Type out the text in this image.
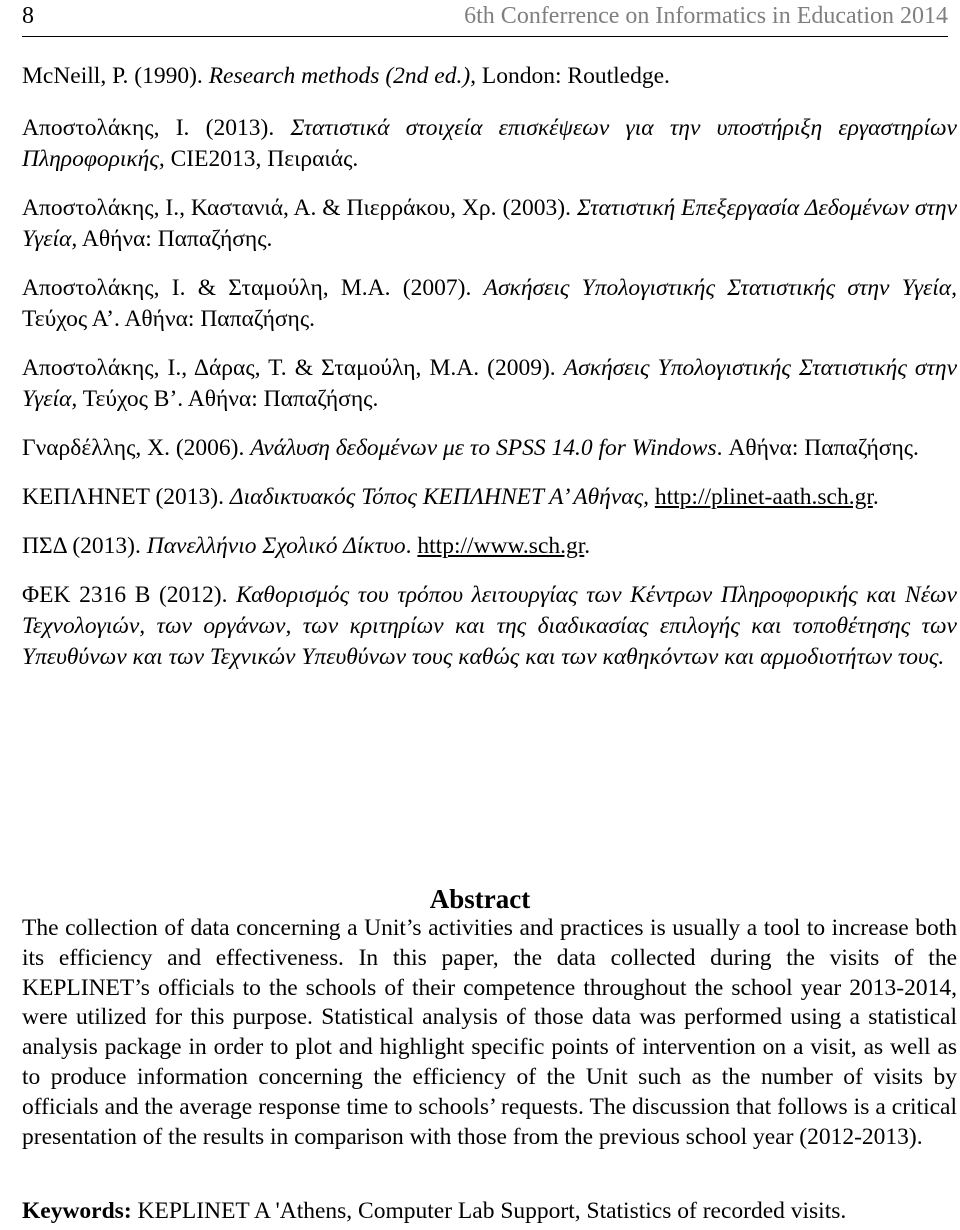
8	6th Conferrence on Informatics in Education 2014

McNeill, P. (1990). Research methods (2nd ed.), London: Routledge.

Αποστολάκης, Ι. (2013). Στατιστικά στοιχεία επισκέψεων για την υποστήριξη εργαστηρίων Πληροφορικής, CIE2013, Πειραιάς.

Αποστολάκης, Ι., Καστανιά, Α. & Πιερράκου, Χρ. (2003). Στατιστική Επεξεργασία Δεδομένων στην Υγεία, Αθήνα: Παπαζήσης.

Αποστολάκης, Ι. & Σταμούλη, Μ.Α. (2007). Ασκήσεις Υπολογιστικής Στατιστικής στην Υγεία, Τεύχος Α’. Αθήνα: Παπαζήσης.

Αποστολάκης, Ι., Δάρας, Τ. & Σταμούλη, Μ.Α. (2009). Ασκήσεις Υπολογιστικής Στατιστικής στην Υγεία, Τεύχος Β’. Αθήνα: Παπαζήσης.

Γναρδέλλης, Χ. (2006). Ανάλυση δεδομένων με το SPSS 14.0 for Windows. Αθήνα: Παπαζήσης.

ΚΕΠΛΗΝΕΤ (2013). Διαδικτυακός Τόπος ΚΕΠΛΗΝΕΤ Α’ Αθήνας, http://plinet-aath.sch.gr.

ΠΣΔ (2013). Πανελλήνιο Σχολικό Δίκτυο. http://www.sch.gr.

ΦΕΚ 2316 Β (2012). Καθορισμός του τρόπου λειτουργίας των Κέντρων Πληροφορικής και Νέων Τεχνολογιών, των οργάνων, των κριτηρίων και της διαδικασίας επιλογής και τοποθέτησης των Υπευθύνων και των Τεχνικών Υπευθύνων τους καθώς και των καθηκόντων και αρμοδιοτήτων τους.

Abstract

The collection of data concerning a Unit’s activities and practices is usually a tool to increase both its efficiency and effectiveness. In this paper, the data collected during the visits of the KEPLINET’s officials to the schools of their competence throughout the school year 2013-2014, were utilized for this purpose. Statistical analysis of those data was performed using a statistical analysis package in order to plot and highlight specific points of intervention on a visit, as well as to produce information concerning the efficiency of the Unit such as the number of visits by officials and the average response time to schools’ requests. The discussion that follows is a critical presentation of the results in comparison with those from the previous school year (2012-2013).

Keywords: KEPLINET A 'Athens, Computer Lab Support, Statistics of recorded visits.
